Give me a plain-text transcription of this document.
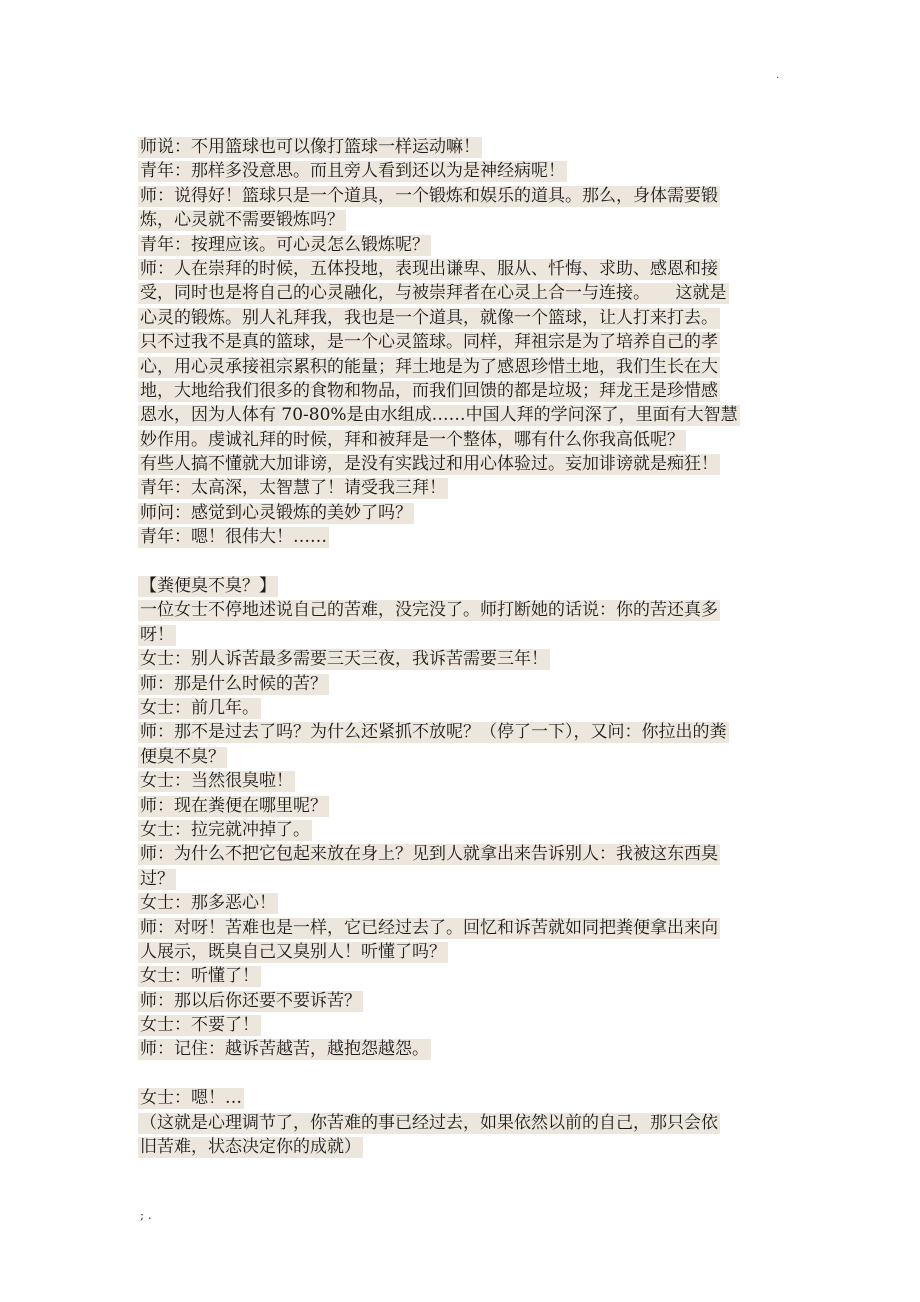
.
师说：不用篮球也可以像打篮球一样运动嘛！
青年：那样多没意思。而且旁人看到还以为是神经病呢！
师：说得好！篮球只是一个道具，一个锻炼和娱乐的道具。那么，身体需要锻
炼，心灵就不需要锻炼吗？
青年：按理应该。可心灵怎么锻炼呢？
师：人在崇拜的时候，五体投地，表现出谦卑、服从、忏悔、求助、感恩和接
受，同时也是将自己的心灵融化，与被崇拜者在心灵上合一与连接。　　这就是
心灵的锻炼。别人礼拜我，我也是一个道具，就像一个篮球，让人打来打去。
只不过我不是真的篮球，是一个心灵篮球。同样，拜祖宗是为了培养自己的孝
心，用心灵承接祖宗累积的能量；拜土地是为了感恩珍惜土地，我们生长在大
地，大地给我们很多的食物和物品，而我们回馈的都是垃圾；拜龙王是珍惜感
恩水，因为人体有 70-80%是由水组成……中国人拜的学问深了，里面有大智慧
妙作用。虔诚礼拜的时候，拜和被拜是一个整体，哪有什么你我高低呢？
有些人搞不懂就大加诽谤，是没有实践过和用心体验过。妄加诽谤就是痴狂！
青年：太高深，太智慧了！请受我三拜！
师问：感觉到心灵锻炼的美妙了吗？
青年：嗯！很伟大！……
【粪便臭不臭？】
一位女士不停地述说自己的苦难，没完没了。师打断她的话说：你的苦还真多
呀！
女士：别人诉苦最多需要三天三夜，我诉苦需要三年！
师：那是什么时候的苦？
女士：前几年。
师：那不是过去了吗？为什么还紧抓不放呢？（停了一下），又问：你拉出的粪
便臭不臭？
女士：当然很臭啦！
师：现在粪便在哪里呢？
女士：拉完就冲掉了。
师：为什么不把它包起来放在身上？见到人就拿出来告诉别人：我被这东西臭
过？
女士：那多恶心！
师：对呀！苦难也是一样，它已经过去了。回忆和诉苦就如同把粪便拿出来向
人展示，既臭自己又臭别人！听懂了吗？
女士：听懂了！
师：那以后你还要不要诉苦？
女士：不要了！
师：记住：越诉苦越苦，越抱怨越怨。
女士：嗯！…
（这就是心理调节了，你苦难的事已经过去，如果依然以前的自己，那只会依
旧苦难，状态决定你的成就）
; .
